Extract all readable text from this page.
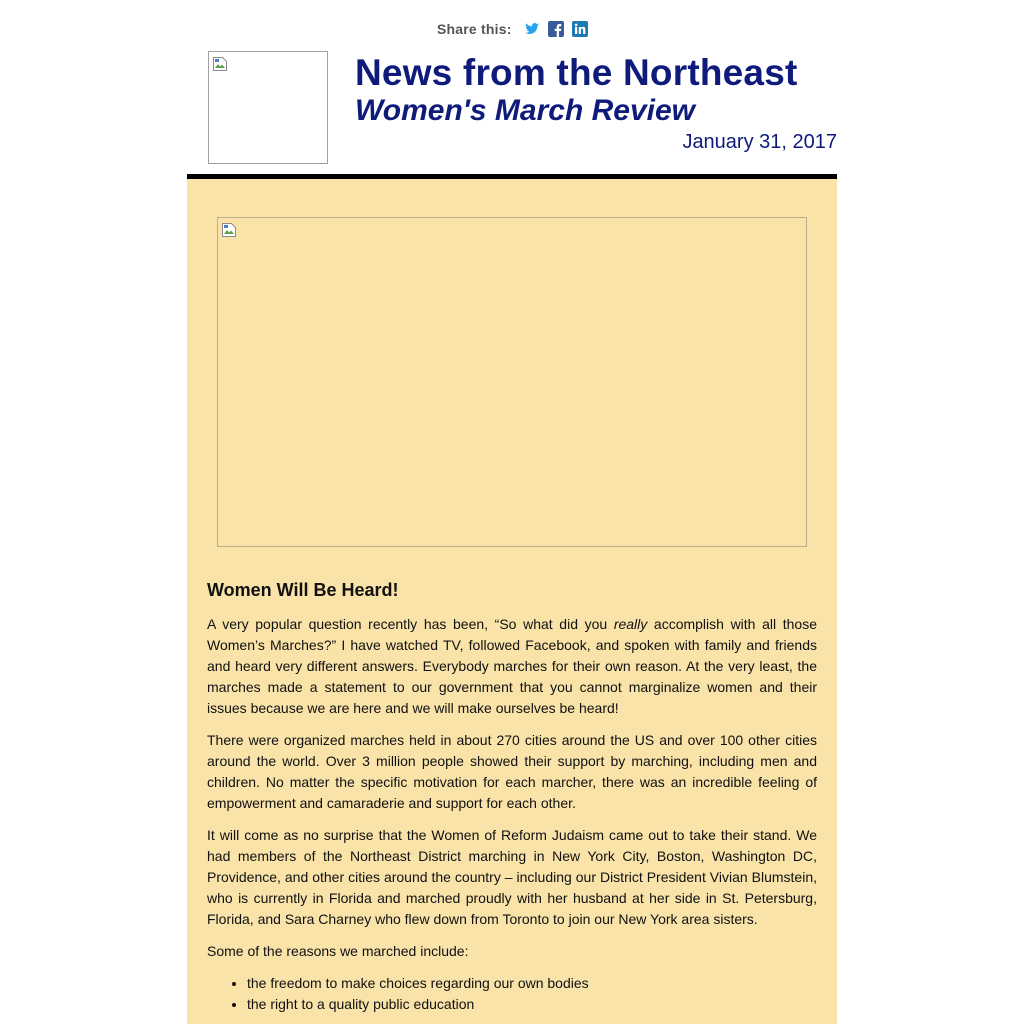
Share this:
News from the Northeast
Women's March Review
January 31, 2017
Women Will Be Heard!

A very popular question recently has been, “So what did you really accomplish with all those Women’s Marches?” I have watched TV, followed Facebook, and spoken with family and friends and heard very different answers. Everybody marches for their own reason. At the very least, the marches made a statement to our government that you cannot marginalize women and their issues because we are here and we will make ourselves be heard!

There were organized marches held in about 270 cities around the US and over 100 other cities around the world. Over 3 million people showed their support by marching, including men and children. No matter the specific motivation for each marcher, there was an incredible feeling of empowerment and camaraderie and support for each other.

It will come as no surprise that the Women of Reform Judaism came out to take their stand. We had members of the Northeast District marching in New York City, Boston, Washington DC, Providence, and other cities around the country – including our District President Vivian Blumstein, who is currently in Florida and marched proudly with her husband at her side in St. Petersburg, Florida, and Sara Charney who flew down from Toronto to join our New York area sisters.

Some of the reasons we marched include:

• the freedom to make choices regarding our own bodies
• the right to a quality public education
